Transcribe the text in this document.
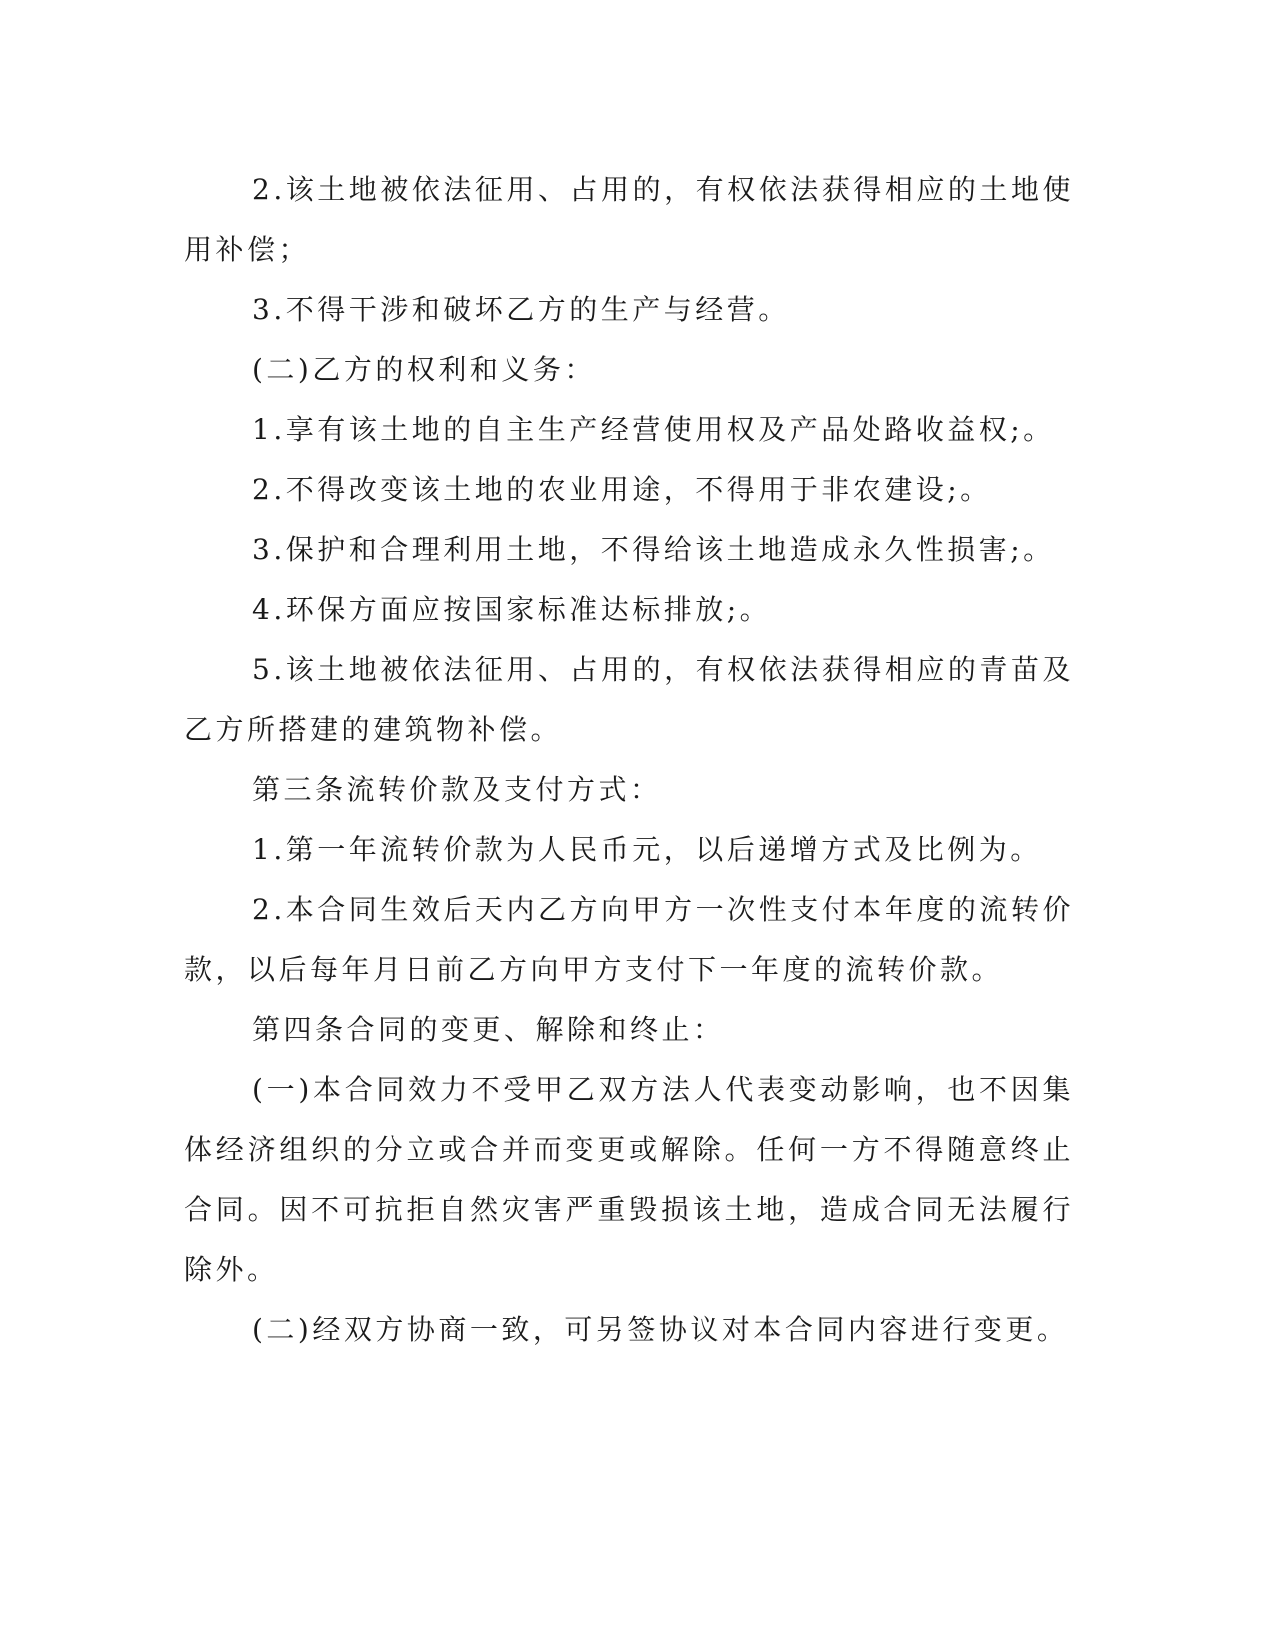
2.该土地被依法征用、占用的，有权依法获得相应的土地使用补偿；

3.不得干涉和破坏乙方的生产与经营。

(二)乙方的权利和义务：

1.享有该土地的自主生产经营使用权及产品处路收益权;。

2.不得改变该土地的农业用途，不得用于非农建设;。

3.保护和合理利用土地，不得给该土地造成永久性损害;。

4.环保方面应按国家标准达标排放;。

5.该土地被依法征用、占用的，有权依法获得相应的青苗及乙方所搭建的建筑物补偿。

第三条流转价款及支付方式：

1.第一年流转价款为人民币元，以后递增方式及比例为。

2.本合同生效后天内乙方向甲方一次性支付本年度的流转价款，以后每年月日前乙方向甲方支付下一年度的流转价款。

第四条合同的变更、解除和终止：

(一)本合同效力不受甲乙双方法人代表变动影响，也不因集体经济组织的分立或合并而变更或解除。任何一方不得随意终止合同。因不可抗拒自然灾害严重毁损该土地，造成合同无法履行除外。

(二)经双方协商一致，可另签协议对本合同内容进行变更。
